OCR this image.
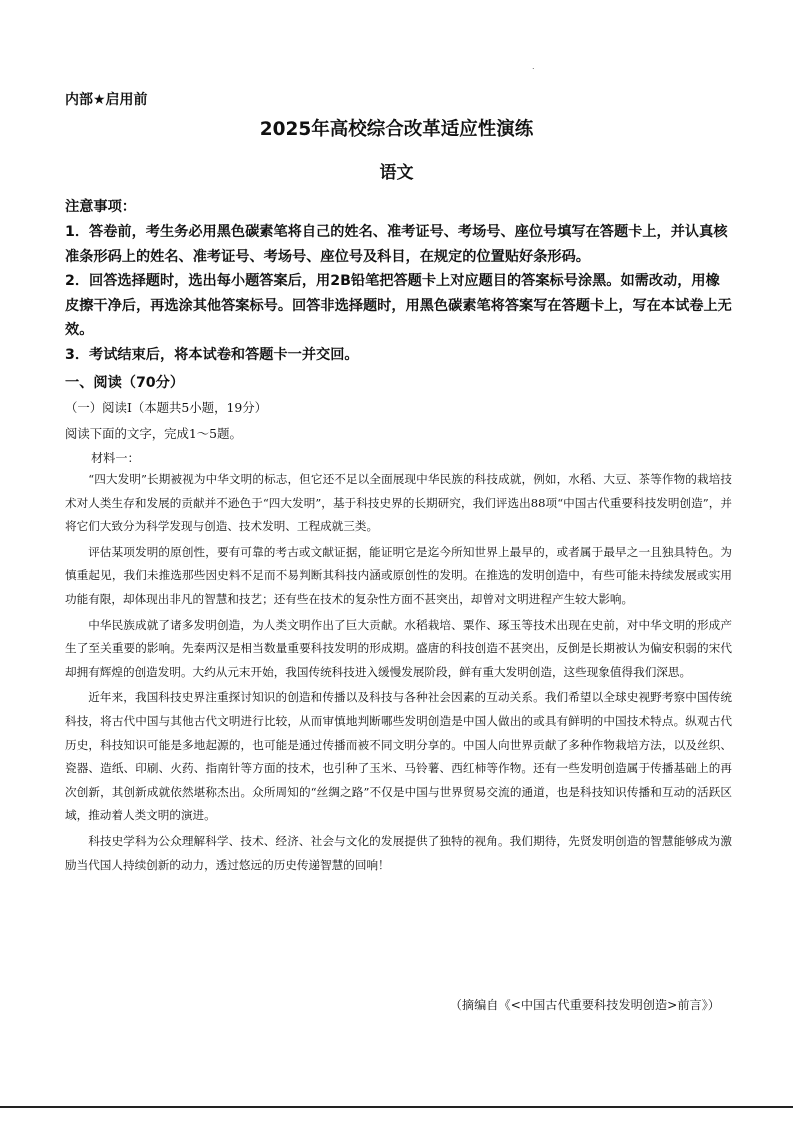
.
内部★启用前
2025年高校综合改革适应性演练
语文
注意事项：

1．答卷前，考生务必用黑色碳素笔将自己的姓名、准考证号、考场号、座位号填写在答题卡上，并认真核准条形码上的姓名、准考证号、考场号、座位号及科目，在规定的位置贴好条形码。

2．回答选择题时，选出每小题答案后，用2B铅笔把答题卡上对应题目的答案标号涂黑。如需改动，用橡皮擦干净后，再选涂其他答案标号。回答非选择题时，用黑色碳素笔将答案写在答题卡上，写在本试卷上无效。

3．考试结束后，将本试卷和答题卡一并交回。

一、阅读（70分）
（一）阅读Ⅰ（本题共5小题，19分）
阅读下面的文字，完成1～5题。
材料一：

“四大发明”长期被视为中华文明的标志，但它还不足以全面展现中华民族的科技成就，例如，水稻、大豆、茶等作物的栽培技术对人类生存和发展的贡献并不逊色于“四大发明”，基于科技史界的长期研究，我们评选出88项“中国古代重要科技发明创造”，并将它们大致分为科学发现与创造、技术发明、工程成就三类。

评估某项发明的原创性，要有可靠的考古或文献证据，能证明它是迄今所知世界上最早的，或者属于最早之一且独具特色。为慎重起见，我们未推选那些因史料不足而不易判断其科技内涵或原创性的发明。在推选的发明创造中，有些可能未持续发展或实用功能有限，却体现出非凡的智慧和技艺；还有些在技术的复杂性方面不甚突出，却曾对文明进程产生较大影响。

中华民族成就了诸多发明创造，为人类文明作出了巨大贡献。水稻栽培、粟作、琢玉等技术出现在史前，对中华文明的形成产生了至关重要的影响。先秦两汉是相当数量重要科技发明的形成期。盛唐的科技创造不甚突出，反倒是长期被认为偏安积弱的宋代却拥有辉煌的创造发明。大约从元末开始，我国传统科技进入缓慢发展阶段，鲜有重大发明创造，这些现象值得我们深思。

近年来，我国科技史界注重探讨知识的创造和传播以及科技与各种社会因素的互动关系。我们希望以全球史视野考察中国传统科技，将古代中国与其他古代文明进行比较，从而审慎地判断哪些发明创造是中国人做出的或具有鲜明的中国技术特点。纵观古代历史，科技知识可能是多地起源的，也可能是通过传播而被不同文明分享的。中国人向世界贡献了多种作物栽培方法，以及丝织、瓷器、造纸、印刷、火药、指南针等方面的技术，也引种了玉米、马铃薯、西红柿等作物。还有一些发明创造属于传播基础上的再次创新，其创新成就依然堪称杰出。众所周知的“丝绸之路”不仅是中国与世界贸易交流的通道，也是科技知识传播和互动的活跃区域，推动着人类文明的演进。

科技史学科为公众理解科学、技术、经济、社会与文化的发展提供了独特的视角。我们期待，先贤发明创造的智慧能够成为激励当代国人持续创新的动力，透过悠远的历史传递智慧的回响！

（摘编自《<中国古代重要科技发明创造>前言》）
